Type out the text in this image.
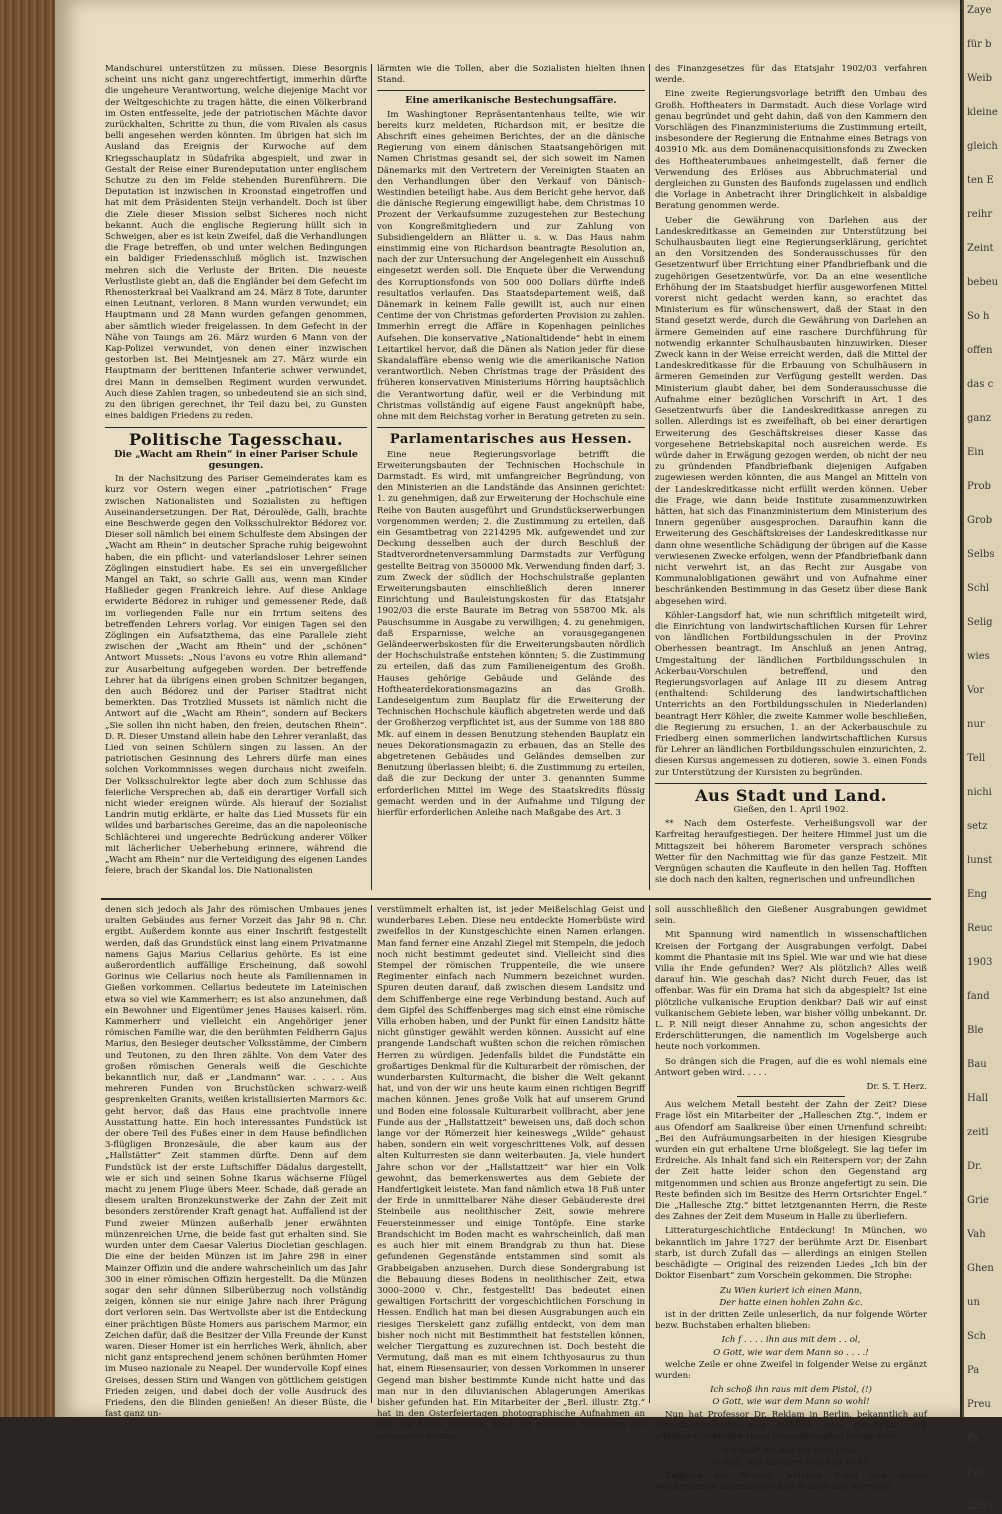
Mandschurei unterstützen zu müssen. Diese Besorgnis scheint uns nicht ganz ungerechtfertigt, immerhin dürfte die ungeheure Verantwortung, welche diejenige Macht vor der Weltgeschichte zu tragen hätte, die einen Völkerbrand im Osten entfesselte, jede der patriotischen Mächte davor zurückhalten, Schritte zu thun, die vom Rivalen als casus belli angesehen werden könnten. Im übrigen hat sich im Ausland das Ereignis der Kurwoche auf dem Kriegsschauplatz in Südafrika abgespielt, und zwar in Gestalt der Reise einer Burendeputation unter englischem Schutze zu den im Felde stehenden Burenführern. Die Deputation ist inzwischen in Kroonstad eingetroffen und hat mit dem Präsidenten Steijn verhandelt. Doch ist über die Ziele dieser Mission selbst Sicheres noch nicht bekannt. Auch die englische Regierung hüllt sich in Schweigen, aber es ist kein Zweifel, daß die Verhandlungen die Frage betreffen, ob und unter welchen Bedingungen ein baldiger Friedensschluß möglich ist. Inzwischen mehren sich die Verluste der Briten. Die neueste Verlustliste giebt an, daß die Engländer bei dem Gefecht im Rhenosterkraal bei Vaalkrand am 24. März 8 Tote, darunter einen Leutnant, verloren. 8 Mann wurden verwundet; ein Hauptmann und 28 Mann wurden gefangen genommen, aber sämtlich wieder freigelassen. In dem Gefecht in der Nähe von Taungs am 26. März wurden 6 Mann von der Kap-Polizei verwundet, von denen einer inzwischen gestorben ist. Bei Meintjesnek am 27. März wurde ein Hauptmann der berittenen Infanterie schwer verwundet, drei Mann in demselben Regiment wurden verwundet. Auch diese Zahlen tragen, so unbedeutend sie an sich sind, zu den übrigen gerechnet, ihr Teil dazu bei, zu Gunsten eines baldigen Friedens zu reden.

Politische Tagesschau.
Die „Wacht am Rhein“ in einer Pariser Schule gesungen.

In der Nachsitzung des Pariser Gemeinderates kam es kurz vor Ostern wegen einer „patriotischen“ Frage zwischen Nationalisten und Sozialisten zu heftigen Auseinandersetzungen. Der Rat, Déroulède, Galli, brachte eine Beschwerde gegen den Volksschulrektor Bédorez vor. Dieser soll nämlich bei einem Schulfeste dem Absingen der „Wacht am Rhein“ in deutscher Sprache ruhig beigewohnt haben, die ein pflicht- und vaterlandsloser Lehrer seinen Zöglingen einstudiert habe. Es sei ein unvergeßlicher Mangel an Takt, so schrie Galli aus, wenn man Kinder Haßlieder gegen Frankreich lehre. Auf diese Anklage erwiderte Bédorez in ruhiger und gemessener Rede, daß im vorliegenden Falle nur ein Irrtum seitens des betreffenden Lehrers vorlag. Vor einigen Tagen sei den Zöglingen ein Aufsatzthema, das eine Parallele zieht zwischen der „Wacht am Rhein“ und der „schönen“ Antwort Mussets: „Nous l'avons eu votre Rhin allemand“ zur Ausarbeitung aufgegeben worden. Der betreffende Lehrer hat da übrigens einen groben Schnitzer begangen, den auch Bédorez und der Pariser Stadtrat nicht bemerkten. Das Trotzlied Mussets ist nämlich nicht die Antwort auf die „Wacht am Rhein“, sondern auf Beckers „Sie sollen ihn nicht haben, den freien, deutschen Rhein“. D. R. Dieser Umstand allein habe den Lehrer veranlaßt, das Lied von seinen Schülern singen zu lassen. An der patriotischen Gesinnung des Lehrers dürfe man eines solchen Vorkommnisses wegen durchaus nicht zweifeln. Der Volksschulrektor legte aber doch zum Schlusse das feierliche Versprechen ab, daß ein derartiger Vorfall sich nicht wieder ereignen würde. Als hierauf der Sozialist Landrin mutig erklärte, er halte das Lied Mussets für ein wildes und barbarisches Gereime, das an die napoleonische Schlächterei und ungerechte Bedrückung anderer Völker mit lächerlicher Ueberhebung erinnere, während die „Wacht am Rhein“ nur die Verteidigung des eigenen Landes feiere, brach der Skandal los. Die Nationalisten

lärmten wie die Tollen, aber die Sozialisten hielten ihnen Stand.

Eine amerikanische Bestechungsaffäre.

Im Washingtoner Repräsentantenhaus teilte, wie wir bereits kurz meldeten, Richardson mit, er besitze die Abschrift eines geheimen Berichtes, der an die dänische Regierung von einem dänischen Staatsangehörigen mit Namen Christmas gesandt sei, der sich soweit im Namen Dänemarks mit den Vertretern der Vereinigten Staaten an den Verhandlungen über den Verkauf von Dänisch-Westindien beteiligt habe. Aus dem Bericht gehe hervor, daß die dänische Regierung eingewilligt habe, dem Christmas 10 Prozent der Verkaufsumme zuzugestehen zur Bestechung von Kongreßmitgliedern und zur Zahlung von Subsidiengeldern an Blätter u. s. w. Das Haus nahm einstimmig eine von Richardson beantragte Resolution an, nach der zur Untersuchung der Angelegenheit ein Ausschuß eingesetzt werden soll. Die Enquete über die Verwendung des Korruptionsfonds von 500 000 Dollars dürfte indeß resultatlos verlaufen. Das Staatsdepartement weiß, daß Dänemark in keinem Falle gewillt ist, auch nur einen Centime der von Christmas geforderten Provision zu zahlen. Immerhin erregt die Affäre in Kopenhagen peinliches Aufsehen. Die konservative „Nationaltidende“ hebt in einem Leitartikel hervor, daß die Dänen als Nation jeder für diese Skandalaffäre ebenso wenig wie die amerikanische Nation verantwortlich. Neben Christmas trage der Präsident des früheren konservativen Ministeriums Hörring hauptsächlich die Verantwortung dafür, weil er die Verbindung mit Christmas vollständig auf eigene Faust angeknüpft habe, ohne mit dem Reichstag vorher in Beratung getreten zu sein.

Parlamentarisches aus Hessen.

Eine neue Regierungsvorlage betrifft die Erweiterungsbauten der Technischen Hochschule in Darmstadt. Es wird, mit umfangreicher Begründung, von den Ministerien an die Landstände das Ansinnen gerichtet: 1. zu genehmigen, daß zur Erweiterung der Hochschule eine Reihe von Bauten ausgeführt und Grundstückserwerbungen vorgenommen werden; 2. die Zustimmung zu erteilen, daß ein Gesamtbetrag von 2214295 Mk. aufgewendet und zur Deckung desselben auch der durch Beschluß der Stadtverordnetenversammlung Darmstadts zur Verfügung gestellte Beitrag von 350000 Mk. Verwendung finden darf; 3. zum Zweck der südlich der Hochschulstraße geplanten Erweiterungsbauten einschließlich deren innerer Einrichtung und Bauleistungskosten für das Etatsjahr 1902/03 die erste Baurate im Betrag von 558700 Mk. als Pauschsumme in Ausgabe zu verwilligen; 4. zu genehmigen, daß Ersparnisse, welche an vorausgegangenen Geländeerwerbskosten für die Erweiterungsbauten nördlich der Hochschulstraße entstehen könnten; 5. die Zustimmung zu erteilen, daß das zum Familieneigentum des Großh. Hauses gehörige Gebäude und Gelände des Hoftheaterdekorationsmagazins an das Großh. Landeseigentum zum Bauplatz für die Erweiterung der Technischen Hochschule käuflich abgetreten werde und daß der Großherzog verpflichtet ist, aus der Summe von 188 880 Mk. auf einem in dessen Benutzung stehenden Bauplatz ein neues Dekorationsmagazin zu erbauen, das an Stelle des abgetretenen Gebäudes und Geländes demselben zur Benutzung überlassen bleibt; 6. die Zustimmung zu erteilen, daß die zur Deckung der unter 3. genannten Summe erforderlichen Mittel im Wege des Staatskredits flüssig gemacht werden und in der Aufnahme und Tilgung der hierfür erforderlichen Anleihe nach Maßgabe des Art. 3

des Finanzgesetzes für das Etatsjahr 1902/03 verfahren werde.

Eine zweite Regierungsvorlage betrifft den Umbau des Großh. Hoftheaters in Darmstadt. Auch diese Vorlage wird genau begründet und geht dahin, daß von den Kammern den Vorschlägen des Finanzministeriums die Zustimmung erteilt, insbesondere der Regierung die Entnahme eines Betrags von 403910 Mk. aus dem Domänenacquisitionsfonds zu Zwecken des Hoftheaterumbaues anheimgestellt, daß ferner die Verwendung des Erlöses aus Abbruchmaterial und dergleichen zu Gunsten des Baufonds zugelassen und endlich die Vorlage in Anbetracht ihrer Dringlichkeit in alsbaldige Beratung genommen werde.

Ueber die Gewährung von Darlehen aus der Landeskreditkasse an Gemeinden zur Unterstützung bei Schulhausbauten liegt eine Regierungserklärung, gerichtet an den Vorsitzenden des Sonderausschusses für den Gesetzentwurf über Errichtung einer Pfandbriefbank und die zugehörigen Gesetzentwürfe, vor. Da an eine wesentliche Erhöhung der im Staatsbudget hierfür ausgeworfenen Mittel vorerst nicht gedacht werden kann, so erachtet das Ministerium es für wünschenswert, daß der Staat in den Stand gesetzt werde, durch die Gewährung von Darlehen an ärmere Gemeinden auf eine raschere Durchführung für notwendig erkannter Schulhausbauten hinzuwirken. Dieser Zweck kann in der Weise erreicht werden, daß die Mittel der Landeskreditkasse für die Erbauung von Schulhäusern in ärmeren Gemeinden zur Verfügung gestellt werden. Das Ministerium glaubt daher, bei dem Sonderausschusse die Aufnahme einer bezüglichen Vorschrift in Art. 1 des Gesetzentwurfs über die Landeskreditkasse anregen zu sollen. Allerdings ist es zweifelhaft, ob bei einer derartigen Erweiterung des Geschäftskreises dieser Kasse das vorgesehene Betriebskapital noch ausreichen werde. Es würde daher in Erwägung gezogen werden, ob nicht der neu zu gründenden Pfandbriefbank diejenigen Aufgaben zugewiesen werden könnten, die aus Mangel an Mitteln von der Landeskreditkasse nicht erfüllt werden können. Ueber die Frage, wie dann beide Institute zusammenzuwirken hätten, hat sich das Finanzministerium dem Ministerium des Innern gegenüber ausgesprochen. Daraufhin kann die Erweiterung des Geschäftskreises der Landeskreditkasse nur dann ohne wesentliche Schädigung der übrigen auf die Kasse verwiesenen Zwecke erfolgen, wenn der Pfandbriefbank dann nicht verwehrt ist, an das Recht zur Ausgabe von Kommunalobligationen gewährt und von Aufnahme einer beschränkenden Bestimmung in das Gesetz über diese Bank abgesehen wird.

Köhler-Langsdorf hat, wie nun schriftlich mitgeteilt wird, die Einrichtung von landwirtschaftlichen Kursen für Lehrer von ländlichen Fortbildungsschulen in der Provinz Oberhessen beantragt. Im Anschluß an jenen Antrag, Umgestaltung der ländlichen Fortbildungsschulen in Ackerbau-Vorschulen betreffend, und den Regierungsvorlagen auf Anlage III zu diesem Antrag (enthaltend: Schilderung des landwirtschaftlichen Unterrichts an den Fortbildungsschulen in Niederlanden) beantragt Herr Köhler, die zweite Kammer wolle beschließen, die Regierung zu ersuchen, 1. an der Ackerbauschule zu Friedberg einen sommerlichen landwirtschaftlichen Kursus für Lehrer an ländlichen Fortbildungsschulen einzurichten, 2. diesen Kursus angemessen zu dotieren, sowie 3. einen Fonds zur Unterstützung der Kursisten zu begründen.

Aus Stadt und Land.

Gießen, den 1. April 1902.

** Nach dem Osterfeste. Verheißungsvoll war der Karfreitag heraufgestiegen. Der heitere Himmel just um die Mittagszeit bei höherem Barometer versprach schönes Wetter für den Nachmittag wie für das ganze Festzeit. Mit Vergnügen schauten die Kaufleute in den hellen Tag. Hofften sie doch nach den kalten, regnerischen und unfreundlichen

denen sich jedoch als Jahr des römischen Umbaues jenes uralten Gebäudes aus ferner Vorzeit das Jahr 98 n. Chr. ergibt. Außerdem konnte aus einer Inschrift festgestellt werden, daß das Grundstück einst lang einem Privatmanne namens Gajus Marius Cellarius gehörte. Es ist eine außerordentlich auffällige Erscheinung, daß sowohl Gorinus wie Cellarius noch heute als Familiennamen in Gießen vorkommen. Cellarius bedeutete im Lateinischen etwa so viel wie Kammerherr; es ist also anzunehmen, daß ein Bewohner und Eigentümer jenes Hauses kaiserl. röm. Kammerherr und vielleicht ein Angehöriger jener römischen Familie war, die den berühmten Feldherrn Gajus Marius, den Besieger deutscher Volksstämme, der Cimbern und Teutonen, zu den Ihren zählte. Von dem Vater des großen römischen Generals weiß die Geschichte bekanntlich nur, daß er „Landmann“ war. . . . . Aus mehreren Funden von Bruchstücken schwarz-weiß gesprenkelten Granits, weißen kristallisierten Marmors &c. geht hervor, daß das Haus eine prachtvolle innere Ausstattung hatte. Ein hoch interessantes Fundstück ist der obere Teil des Fußes einer in dem Hause befindlichen 3-flügligen Bronzesäule, die aber kaum aus der „Hallstätter“ Zeit stammen dürfte. Denn auf dem Fundstück ist der erste Luftschiffer Dädalus dargestellt, wie er sich und seinen Sohne Ikarus wächserne Flügel macht zu jenem Fluge übers Meer. Schade, daß gerade an diesem uralten Bronzekunstwerke der Zahn der Zeit mit besonders zerstörender Kraft genagt hat. Auffallend ist der Fund zweier Münzen außerhalb jener erwähnten münzenreichen Urne, die beide fast gut erhalten sind. Sie wurden unter dem Caesar Valerius Diocletian geschlagen. Die eine der beiden Münzen ist im Jahre 298 in einer Mainzer Offizin und die andere wahrscheinlich um das Jahr 300 in einer römischen Offizin hergestellt. Da die Münzen sogar den sehr dünnen Silberüberzug noch vollständig zeigen, können sie nur einige Jahre nach ihrer Prägung dort verloren sein. Das Wertvollste aber ist die Entdeckung einer prächtigen Büste Homers aus parischem Marmor, ein Zeichen dafür, daß die Besitzer der Villa Freunde der Kunst waren. Dieser Homer ist ein herrliches Werk, ähnlich, aber nicht ganz entsprechend jenem schönen berühmten Homer im Museo nazionale zu Neapel. Der wundervolle Kopf eines Greises, dessen Stirn und Wangen von göttlichem geistigen Frieden zeigen, und dabei doch der volle Ausdruck des Friedens, den die Blinden genießen! An dieser Büste, die fast ganz un-

verstümmelt erhalten ist, ist jeder Meißelschlag Geist und wunderbares Leben. Diese neu entdeckte Homerbüste wird zweifellos in der Kunstgeschichte einen Namen erlangen. Man fand ferner eine Anzahl Ziegel mit Stempeln, die jedoch noch nicht bestimmt gedeutet sind. Vielleicht sind dies Stempel der römischen Truppenteile, die wie unsere Regimenter einfach nach Nummern bezeichnet wurden. Spuren deuten darauf, daß zwischen diesem Landsitz und dem Schiffenberge eine rege Verbindung bestand. Auch auf dem Gipfel des Schiffenberges mag sich einst eine römische Villa erhoben haben, und der Punkt für einen Landsitz hätte nicht günstiger gewählt werden können. Aussicht auf eine prangende Landschaft wußten schon die reichen römischen Herren zu würdigen. Jedenfalls bildet die Fundstätte ein großartiges Denkmal für die Kulturarbeit der römischen, der wunderbarsten Kulturmacht, die bisher die Welt gekannt hat, und von der wir uns heute kaum einen richtigen Begriff machen können. Jenes große Volk hat auf unserem Grund und Boden eine folossale Kulturarbeit vollbracht, aber jene Funde aus der „Hallstattzeit“ beweisen uns, daß doch schon lange vor der Römerzeit hier keineswegs „Wilde“ gehaust haben, sondern ein weit vorgeschrittenes Volk, auf dessen alten Kulturresten sie dann weiterbauten. Ja, viele hundert Jahre schon vor der „Hallstattzeit“ war hier ein Volk gewohnt, das bemerkenswertes aus dem Gebiete der Handfertigkeit leistete. Man fand nämlich etwa 18 Fuß unter der Erde in unmittelbarer Nähe dieser Gebäudereste drei Steinbeile aus neolithischer Zeit, sowie mehrere Feuersteinmesser und einige Tontöpfe. Eine starke Brandschicht im Boden macht es wahrscheinlich, daß man es auch hier mit einem Brandgrab zu thun hat. Diese gefundenen Gegenstände entstammen sind somit als Grabbeigaben anzusehen. Durch diese Sondergrabung ist die Bebauung dieses Bodens in neolithischer Zeit, etwa 3000–2000 v. Chr., festgestellt! Das bedeutet einen gewaltigen Fortschritt der vorgeschichtlichen Forschung in Hessen. Endlich hat man bei diesen Ausgrabungen auch ein riesiges Tierskelett ganz zufällig entdeckt, von dem man bisher noch nicht mit Bestimmtheit hat feststellen können, welcher Tiergattung es zuzurechnen ist. Doch besteht die Vermutung, daß man es mit einem Ichthyosaurus zu thun hat, einem Riesensaurier, von dessen Vorkommen in unserer Gegend man bisher bestimmte Kunde nicht hatte und das man nur in den diluvianischen Ablagerungen Amerikas bisher gefunden hat. Ein Mitarbeiter der „Berl. illustr. Ztg.“ hat in den Osterfeiertagen photographische Aufnahmen an Ort und Stelle gemacht. Eine der nächsten Nummern des genannten Blattes

soll ausschließlich den Gießener Ausgrabungen gewidmet sein.

Mit Spannung wird namentlich in wissenschaftlichen Kreisen der Fortgang der Ausgrabungen verfolgt. Dabei kommt die Phantasie mit ins Spiel. Wie war und wie hat diese Villa ihr Ende gefunden? Wer? Als plötzlich? Alles weiß darauf hin. Wie geschah das? Nicht durch Feuer, das ist offenbar. Was für ein Drama hat sich da abgespielt? Ist eine plötzliche vulkanische Eruption denkbar? Daß wir auf einst vulkanischem Gebiete leben, war bisher völlig unbekannt. Dr. L. P. Nill neigt dieser Annahme zu, schon angesichts der Erderschütterungen, die namentlich im Vogelsberge auch heute noch vorkommen.

So drängen sich die Fragen, auf die es wohl niemals eine Antwort geben wird. . . . .

Dr. S. T. Herz.

Aus welchem Metall besteht der Zahn der Zeit? Diese Frage löst ein Mitarbeiter der „Halleschen Ztg.“, indem er aus Ofendorf am Saalkreise über einen Urnenfund schreibt: „Bei den Aufräumungsarbeiten in der hiesigen Kiesgrube wurden ein gut erhaltene Urne bloßgelegt. Sie lag tiefer im Erdreiche. Als Inhalt fand sich ein Reiterspern vor; der Zahn der Zeit hatte leider schon den Gegenstand arg mitgenommen und schien aus Bronze angefertigt zu sein. Die Reste befinden sich im Besitze des Herrn Ortsrichter Engel.“ Die „Hallesche Ztg.“ bittet letztgenannten Herrn, die Reste des Zahnes der Zeit dem Museum in Halle zu überliefern.

Litteraturgeschichtliche Entdeckung! In München, wo bekanntlich im Jahre 1727 der berühmte Arzt Dr. Eisenbart starb, ist durch Zufall das — allerdings an einigen Stellen beschädigte — Original des reizenden Liedes „Ich bin der Doktor Eisenbart“ zum Vorschein gekommen. Die Strophe:

Zu Wien kuriert ich einen Mann,

Der hatte einen hohlen Zahn &c.

ist in der dritten Zeile unleserlich, da nur folgende Wörter bezw. Buchstaben erhalten blieben:

Ich f . . . . ihn aus mit dem . . ol,

O Gott, wie war dem Mann so . . . .!

welche Zeile er ohne Zweifel in folgender Weise zu ergänzt wurden:

Ich schoß ihn raus mit dem Pistol, (!)

O Gott, wie war dem Mann so wohl!

Nun hat Professor Dr. Reklam in Berlin, bekanntlich auf litteraturgeschichtlichem Gebiete eine Celebrität, mit offenbar glücklicher Hand folgendermaßen interpoliert:

Ich spül' ihn aus mit dem Odol,

O Gott, wie war dem Mann so wohl!

Zugleich ein Beweis, welchen Rufes sich dieses weltberühmte Zahnmittel schon in alter Zeit erfreute!

Zaye
für b
Weib
kleine
gleich
ten E
reihr
Zeint
bebeu
So h
offen
das c
ganz
Ein
Prob
Grob
Selbs
Schl
Selig
wies
Vor
nur
Tell
nichi
setz
lunst
Eng
Reuc
1903
fand
Ble
Bau
Hall
zeitl
Dr.
Grie
Vah
Ghen
un
Sch
Pa
Preu
Pa
Pap
2555
